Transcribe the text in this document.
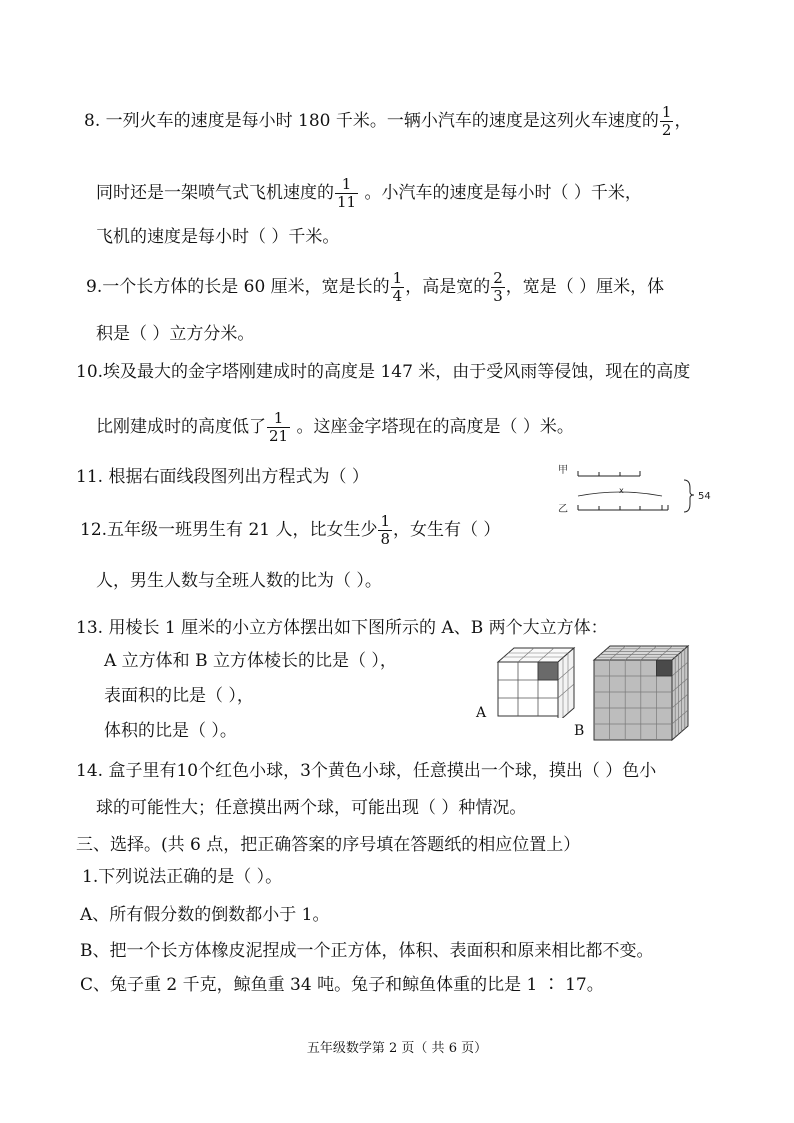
8. 一列火车的速度是每小时 180 千米。一辆小汽车的速度是这列火车速度的 $\frac{1}{2}$ ，
同时还是一架喷气式飞机速度的 $\frac{1}{11}$ 。小汽车的速度是每小时（ ）千米，
飞机的速度是每小时（ ）千米。
9.一个长方体的长是 60 厘米，宽是长的 $\frac{1}{4}$ ，高是宽的 $\frac{2}{3}$ ，宽是（ ）厘米，体
积是（ ）立方分米。
10.埃及最大的金字塔刚建成时的高度是 147 米，由于受风雨等侵蚀，现在的高度
比刚建成时的高度低了 $\frac{1}{21}$ 。这座金字塔现在的高度是（ ）米。
11. 根据右面线段图列出方程式为（ ）	甲
乙
x
54
12.五年级一班男生有 21 人，比女生少 $\frac{1}{8}$ ，女生有（ ）
人，男生人数与全班人数的比为（ ）。
13. 用棱长 1 厘米的小立方体摆出如下图所示的 A、B 两个大立方体：
A 立方体和 B 立方体棱长的比是（ ），
表面积的比是（ ），
体积的比是（ ）。
A
B
14. 盒子里有10个红色小球，3个黄色小球，任意摸出一个球，摸出（ ）色小
球的可能性大；任意摸出两个球，可能出现（ ）种情况。
三、选择。(共 6 点，把正确答案的序号填在答题纸的相应位置上）
1.下列说法正确的是（ ）。
A、所有假分数的倒数都小于 1。
B、把一个长方体橡皮泥捏成一个正方体，体积、表面积和原来相比都不变。
C、兔子重 2 千克，鲸鱼重 34 吨。兔子和鲸鱼体重的比是 1 ∶ 17。
五年级数学第 2 页（ 共 6 页）
